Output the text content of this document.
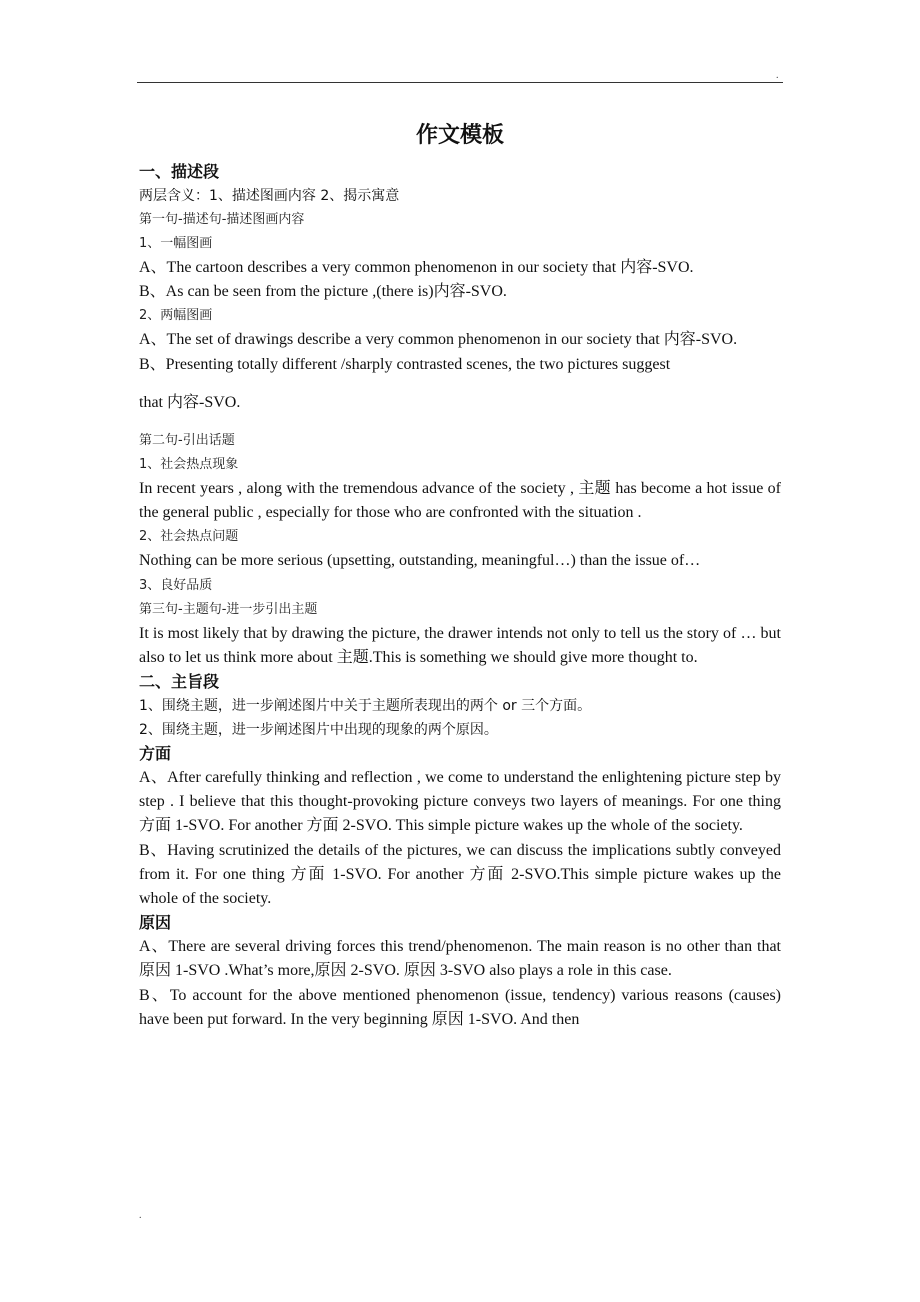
.
作文模板

一、描述段

两层含义：1、描述图画内容 2、揭示寓意

第一句-描述句-描述图画内容

1、一幅图画

A、The cartoon describes a very common phenomenon in our society that 内容-SVO.

B、As can be seen from the picture ,(there is)内容-SVO.

2、两幅图画

A、The set of drawings describe a very common phenomenon in our society that 内容-SVO.

B、Presenting totally different /sharply contrasted scenes, the two pictures suggest

that 内容-SVO.

第二句-引出话题

1、社会热点现象

In recent years , along with the tremendous advance of the society , 主题 has become a hot issue of the general public , especially for those who are confronted with the situation .

2、社会热点问题

Nothing can be more serious (upsetting, outstanding, meaningful…) than the issue of…

3、良好品质

第三句-主题句-进一步引出主题

It is most likely that by drawing the picture, the drawer intends not only to tell us the story of … but also to let us think more about 主题.This is something we should give more thought to.

二、主旨段

1、围绕主题，进一步阐述图片中关于主题所表现出的两个 or 三个方面。

2、围绕主题，进一步阐述图片中出现的现象的两个原因。

方面

A、After carefully thinking and reflection , we come to understand the enlightening picture step by step . I believe that this thought-provoking picture conveys two layers of meanings. For one thing 方面 1-SVO. For another 方面 2-SVO. This simple picture wakes up the whole of the society.

B、Having scrutinized the details of the pictures, we can discuss the implications subtly conveyed from it. For one thing 方面 1-SVO. For another 方面 2-SVO.This simple picture wakes up the whole of the society.

原因

A、There are several driving forces this trend/phenomenon. The main reason is no other than that 原因 1-SVO .What’s more,原因 2-SVO. 原因 3-SVO also plays a role in this case.

B、To account for the above mentioned phenomenon (issue, tendency) various reasons (causes) have been put forward. In the very beginning 原因 1-SVO. And then

.
